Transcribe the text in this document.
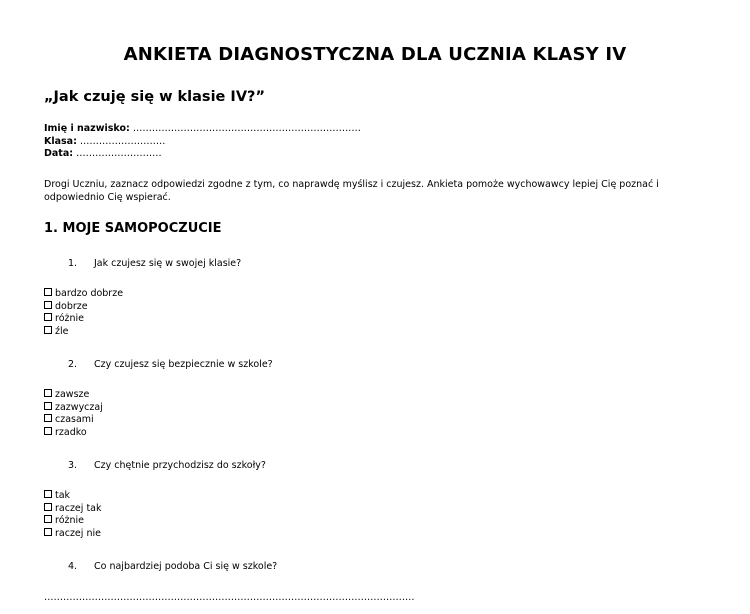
ANKIETA DIAGNOSTYCZNA DLA UCZNIA KLASY IV
„Jak czuję się w klasie IV?”
Imię i nazwisko: ………………………………………………………………
Klasa: ………………………
Data: ………………………
Drogi Uczniu, zaznacz odpowiedzi zgodne z tym, co naprawdę myślisz i czujesz. Ankieta pomoże wychowawcy lepiej Cię poznać i odpowiednio Cię wspierać.
1. MOJE SAMOPOCZUCIE
1. Jak czujesz się w swojej klasie?
bardzo dobrze
dobrze
różnie
źle
2. Czy czujesz się bezpiecznie w szkole?
zawsze
zazwyczaj
czasami
rzadko
3. Czy chętnie przychodzisz do szkoły?
tak
raczej tak
różnie
raczej nie
4. Co najbardziej podoba Ci się w szkole?
………………………………………………………………………………………………………
